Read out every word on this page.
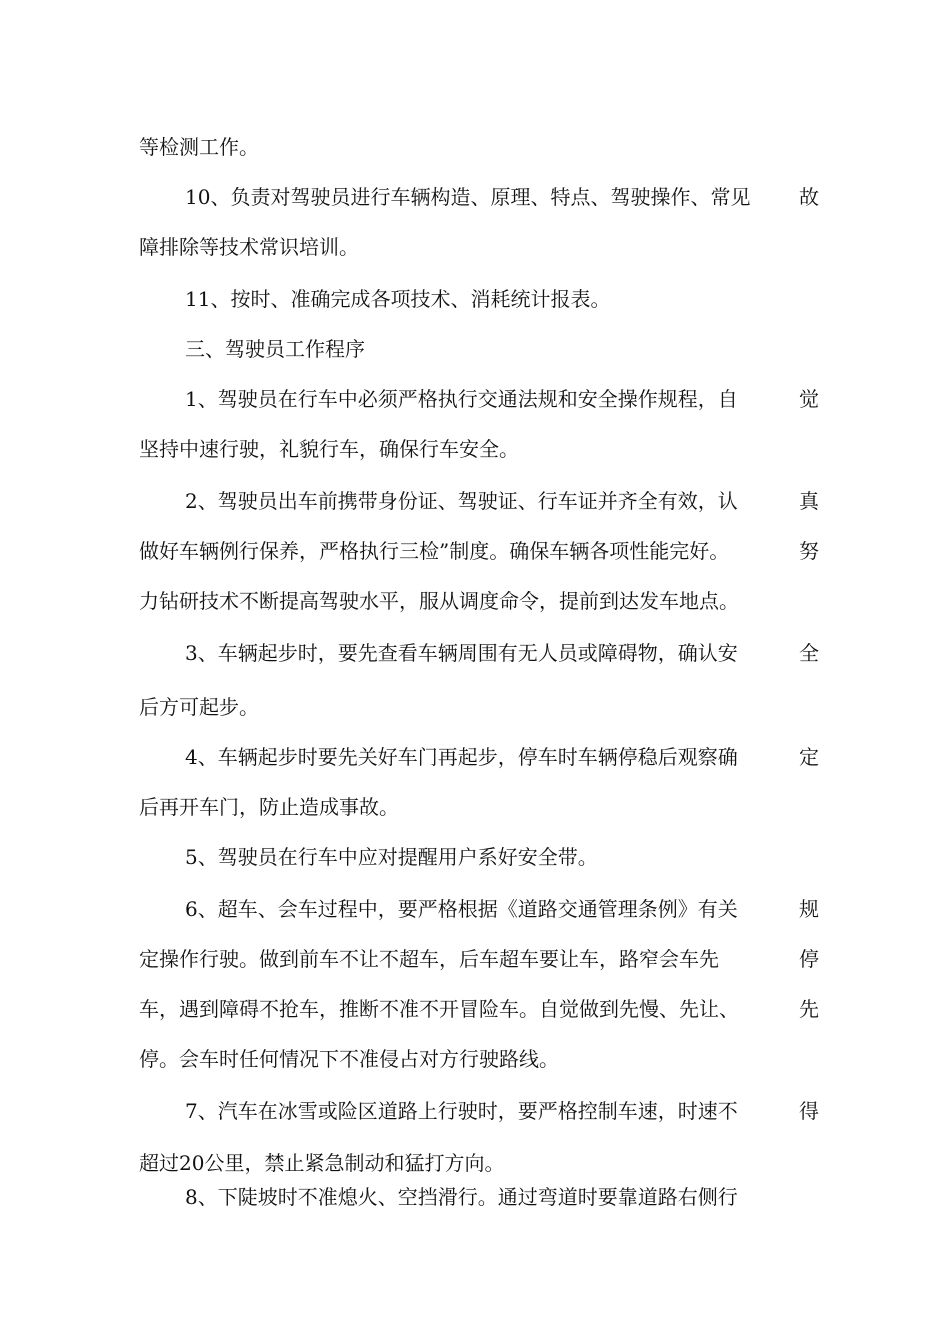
等检测工作。
10、负责对驾驶员进行车辆构造、原理、特点、驾驶操作、常见 故
障排除等技术常识培训。
11、按时、准确完成各项技术、消耗统计报表。
三、驾驶员工作程序
1、驾驶员在行车中必须严格执行交通法规和安全操作规程，自	觉
坚持中速行驶，礼貌行车，确保行车安全。
2、驾驶员出车前携带身份证、驾驶证、行车证并齐全有效，认	真
做好车辆例行保养，严格执行三检”制度。确保车辆各项性能完好。	努
力钻研技术不断提高驾驶水平，服从调度命令，提前到达发车地点。
3、车辆起步时，要先查看车辆周围有无人员或障碍物，确认安	全
后方可起步。
4、车辆起步时要先关好车门再起步，停车时车辆停稳后观察确	定
后再开车门，防止造成事故。
5、驾驶员在行车中应对提醒用户系好安全带。
6、超车、会车过程中，要严格根据《道路交通管理条例》有关	规
定操作行驶。做到前车不让不超车，后车超车要让车，路窄会车先	停
车，遇到障碍不抢车，推断不准不开冒险车。自觉做到先慢、先让、	先
停。会车时任何情况下不准侵占对方行驶路线。
7、汽车在冰雪或险区道路上行驶时，要严格控制车速，时速不	得
超过20公里，禁止紧急制动和猛打方向。
8、下陡坡时不准熄火、空挡滑行。通过弯道时要靠道路右侧行
